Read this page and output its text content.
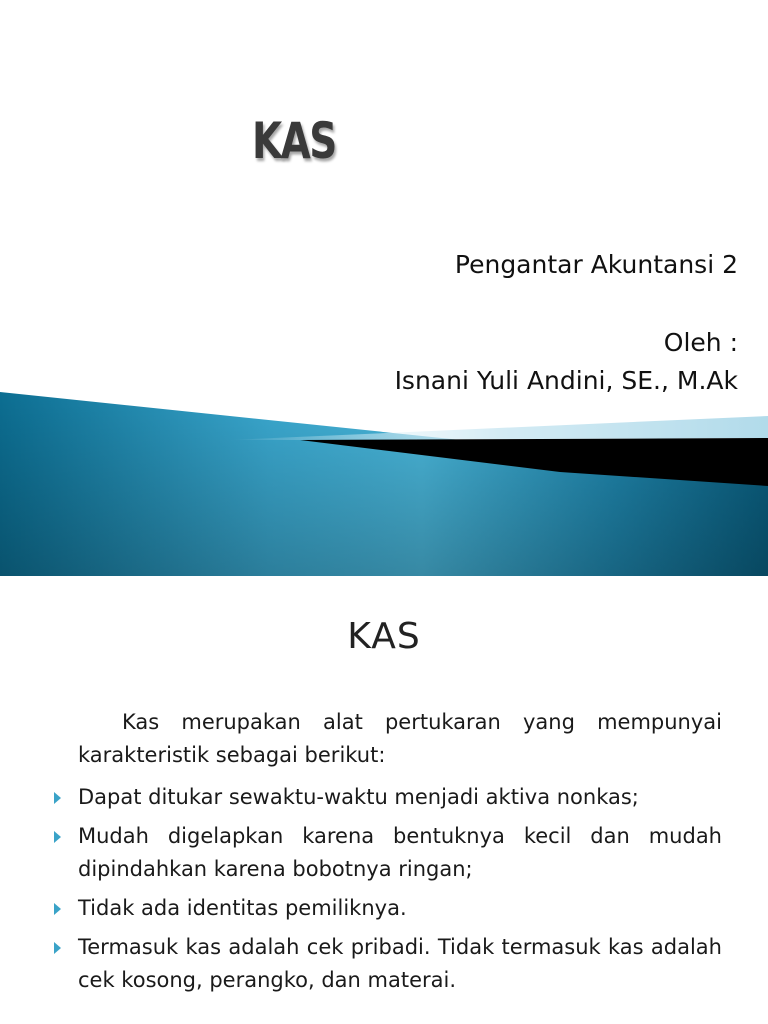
KAS
Pengantar Akuntansi 2
Oleh :
Isnani Yuli Andini, SE., M.Ak
KAS

Kas merupakan alat pertukaran yang mempunyai karakteristik sebagai berikut:

Dapat ditukar sewaktu-waktu menjadi aktiva nonkas;
Mudah digelapkan karena bentuknya kecil dan mudah dipindahkan karena bobotnya ringan;
Tidak ada identitas pemiliknya.
Termasuk kas adalah cek pribadi. Tidak termasuk kas adalah cek kosong, perangko, dan materai.
